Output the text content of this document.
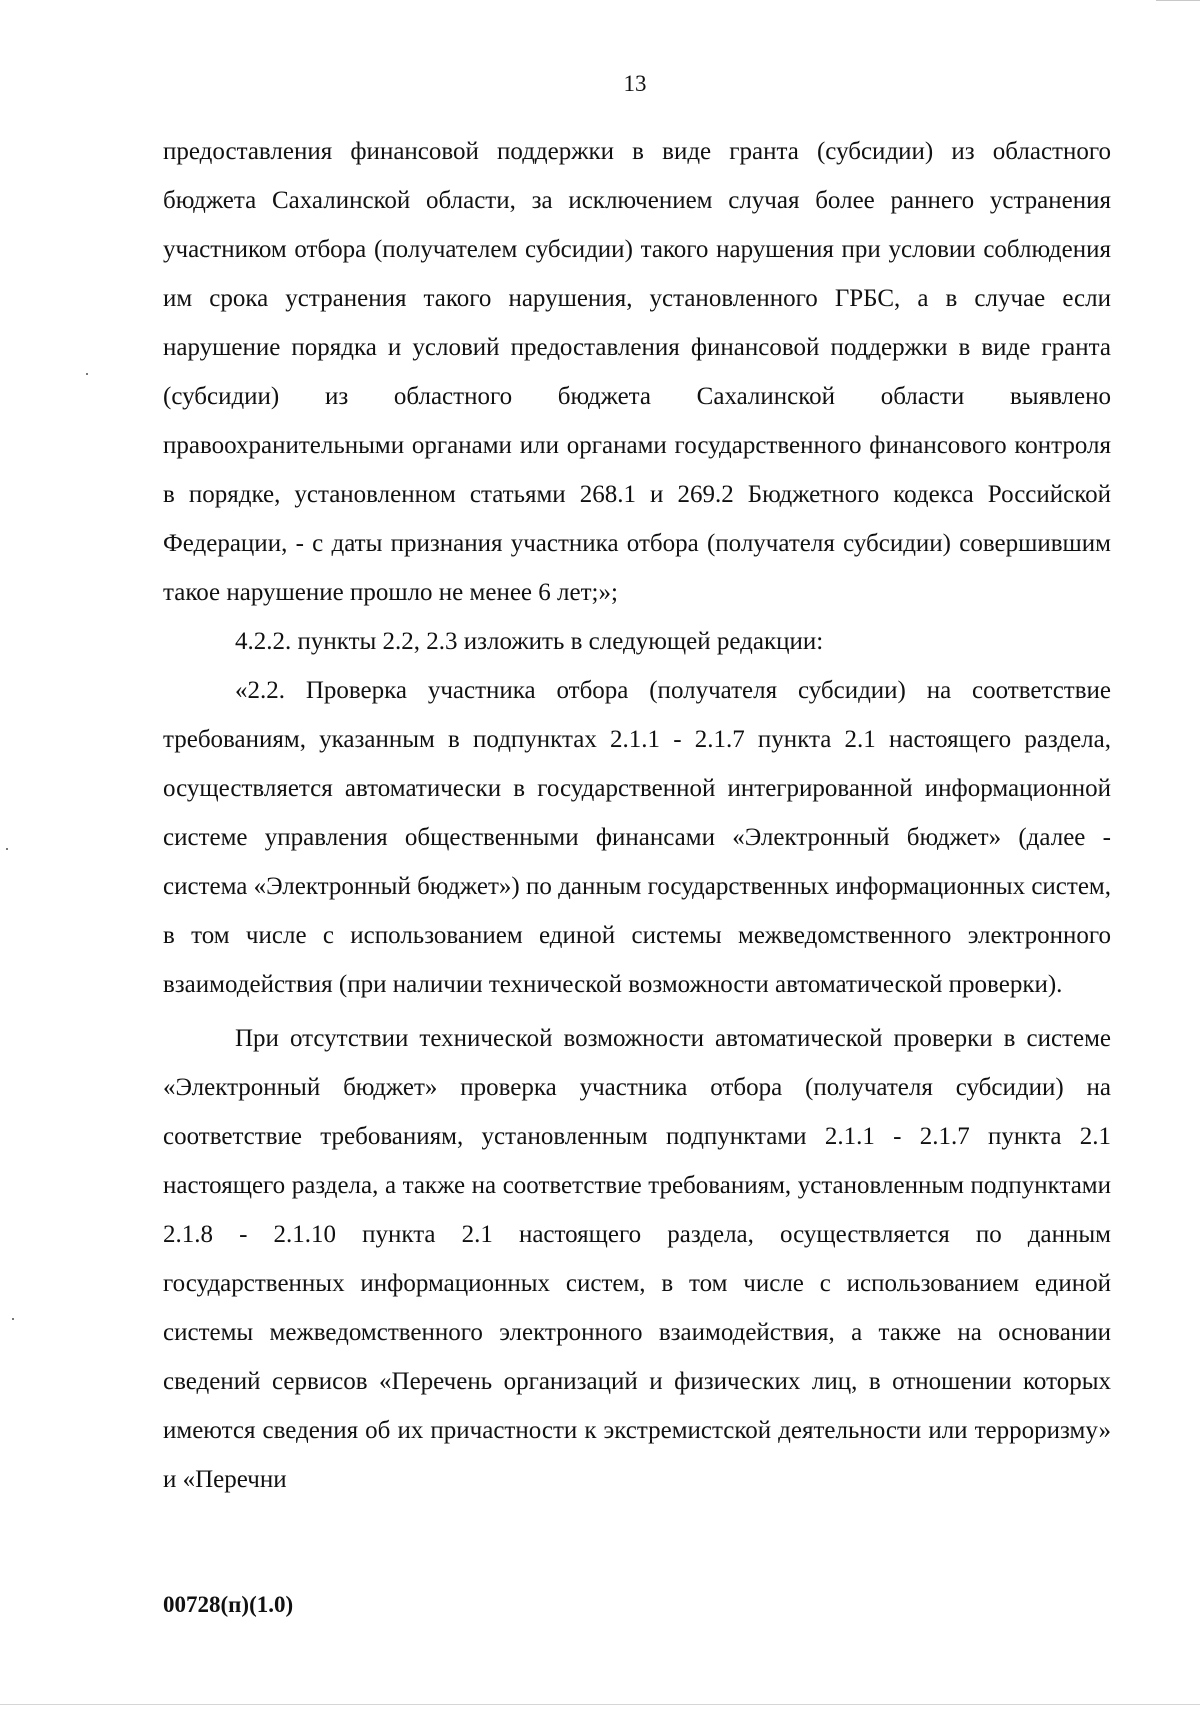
13

предоставления финансовой поддержки в виде гранта (субсидии) из областного бюджета Сахалинской области, за исключением случая более раннего устранения участником отбора (получателем субсидии) такого нарушения при условии соблюдения им срока устранения такого нарушения, установленного ГРБС, а в случае если нарушение порядка и условий предоставления финансовой поддержки в виде гранта (субсидии) из областного бюджета Сахалинской области выявлено правоохранительными органами или органами государственного финансового контроля в порядке, установленном статьями 268.1 и 269.2 Бюджетного кодекса Российской Федерации, - с даты признания участника отбора (получателя субсидии) совершившим такое нарушение прошло не менее 6 лет;»;

4.2.2. пункты 2.2, 2.3 изложить в следующей редакции:

«2.2. Проверка участника отбора (получателя субсидии) на соответствие требованиям, указанным в подпунктах 2.1.1 - 2.1.7 пункта 2.1 настоящего раздела, осуществляется автоматически в государственной интегрированной информационной системе управления общественными финансами «Электронный бюджет» (далее - система «Электронный бюджет») по данным государственных информационных систем, в том числе с использованием единой системы межведомственного электронного взаимодействия (при наличии технической возможности автоматической проверки).

При отсутствии технической возможности автоматической проверки в системе «Электронный бюджет» проверка участника отбора (получателя субсидии) на соответствие требованиям, установленным подпунктами 2.1.1 - 2.1.7 пункта 2.1 настоящего раздела, а также на соответствие требованиям, установленным подпунктами 2.1.8 - 2.1.10 пункта 2.1 настоящего раздела, осуществляется по данным государственных информационных систем, в том числе с использованием единой системы межведомственного электронного взаимодействия, а также на основании сведений сервисов «Перечень организаций и физических лиц, в отношении которых имеются сведения об их причастности к экстремистской деятельности или терроризму» и «Перечни

00728(п)(1.0)
